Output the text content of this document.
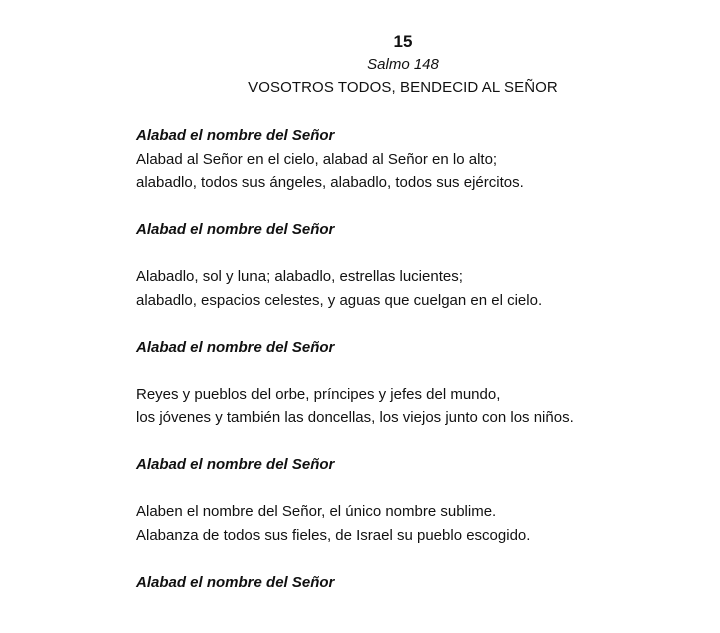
15
Salmo 148
VOSOTROS TODOS, BENDECID AL SEÑOR
Alabad el nombre del Señor
Alabad al Señor en el cielo, alabad al Señor en lo alto;
alabadlo, todos sus ángeles, alabadlo, todos sus ejércitos.
Alabad el nombre del Señor
Alabadlo, sol y luna; alabadlo, estrellas lucientes;
alabadlo, espacios celestes, y aguas que cuelgan en el cielo.
Alabad el nombre del Señor
Reyes y pueblos del orbe, príncipes y jefes del mundo,
los jóvenes y también las doncellas, los viejos junto con los niños.
Alabad el nombre del Señor
Alaben el nombre del Señor, el único nombre sublime.
Alabanza de todos sus fieles, de Israel su pueblo escogido.
Alabad el nombre del Señor
